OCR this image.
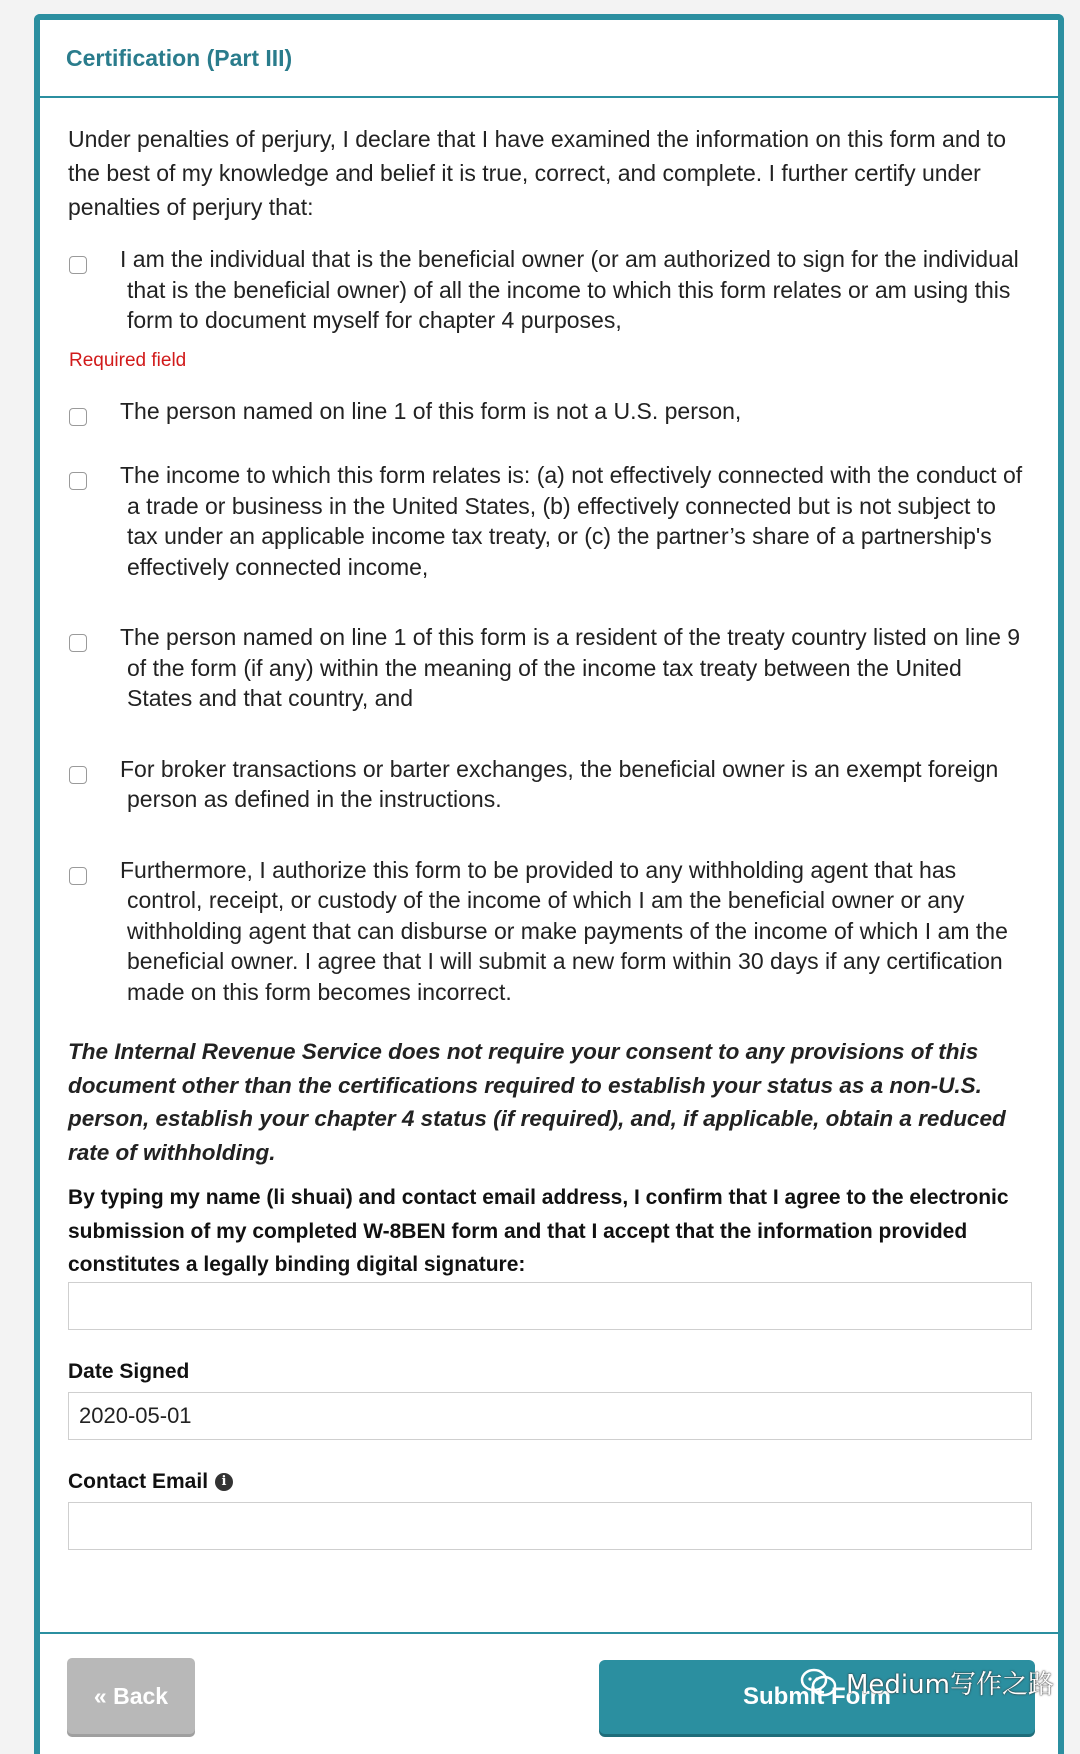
Certification (Part III)

Under penalties of perjury, I declare that I have examined the information on this form and to the best of my knowledge and belief it is true, correct, and complete. I further certify under penalties of perjury that:

I am the individual that is the beneficial owner (or am authorized to sign for the individual that is the beneficial owner) of all the income to which this form relates or am using this form to document myself for chapter 4 purposes,
Required field
The person named on line 1 of this form is not a U.S. person,
The income to which this form relates is: (a) not effectively connected with the conduct of a trade or business in the United States, (b) effectively connected but is not subject to tax under an applicable income tax treaty, or (c) the partner’s share of a partnership's effectively connected income,
The person named on line 1 of this form is a resident of the treaty country listed on line 9 of the form (if any) within the meaning of the income tax treaty between the United States and that country, and
For broker transactions or barter exchanges, the beneficial owner is an exempt foreign person as defined in the instructions.
Furthermore, I authorize this form to be provided to any withholding agent that has control, receipt, or custody of the income of which I am the beneficial owner or any withholding agent that can disburse or make payments of the income of which I am the beneficial owner. I agree that I will submit a new form within 30 days if any certification made on this form becomes incorrect.

The Internal Revenue Service does not require your consent to any provisions of this document other than the certifications required to establish your status as a non-U.S. person, establish your chapter 4 status (if required), and, if applicable, obtain a reduced rate of withholding.

By typing my name (li shuai) and contact email address, I confirm that I agree to the electronic submission of my completed W-8BEN form and that I accept that the information provided constitutes a legally binding digital signature:

Date Signed
2020-05-01
Contact Email	i
« Back	Submit Form
Medium写作之路
